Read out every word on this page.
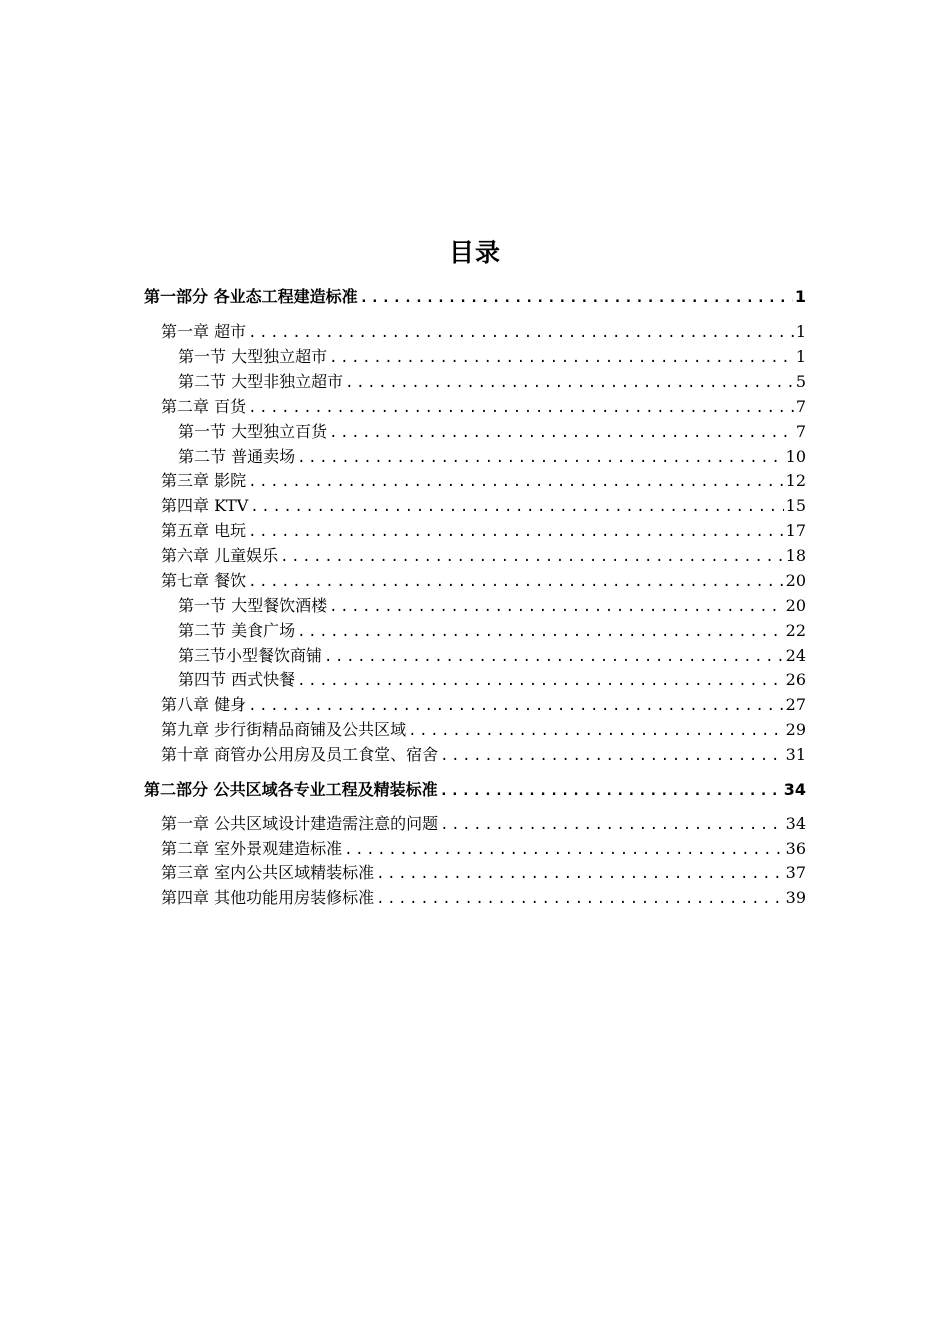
目录
第一部分 各业态工程建造标准 .....	1
第一章 超市 .....	1
第一节 大型独立超市 .....	1
第二节 大型非独立超市 .....	5
第二章 百货 .....	7
第一节 大型独立百货 .....	7
第二节 普通卖场 .....	10
第三章 影院 .....	12
第四章 KTV .....	15
第五章 电玩 .....	17
第六章 儿童娱乐 .....	18
第七章 餐饮 .....	20
第一节 大型餐饮酒楼 .....	20
第二节 美食广场 .....	22
第三节小型餐饮商铺 .....	24
第四节 西式快餐 .....	26
第八章 健身 .....	27
第九章 步行街精品商铺及公共区域 .....	29
第十章 商管办公用房及员工食堂、宿舍 .....	31
第二部分 公共区域各专业工程及精装标准 .....	34
第一章 公共区域设计建造需注意的问题 .....	34
第二章 室外景观建造标准 .....	36
第三章 室内公共区域精装标准 .....	37
第四章 其他功能用房装修标准 .....	39
